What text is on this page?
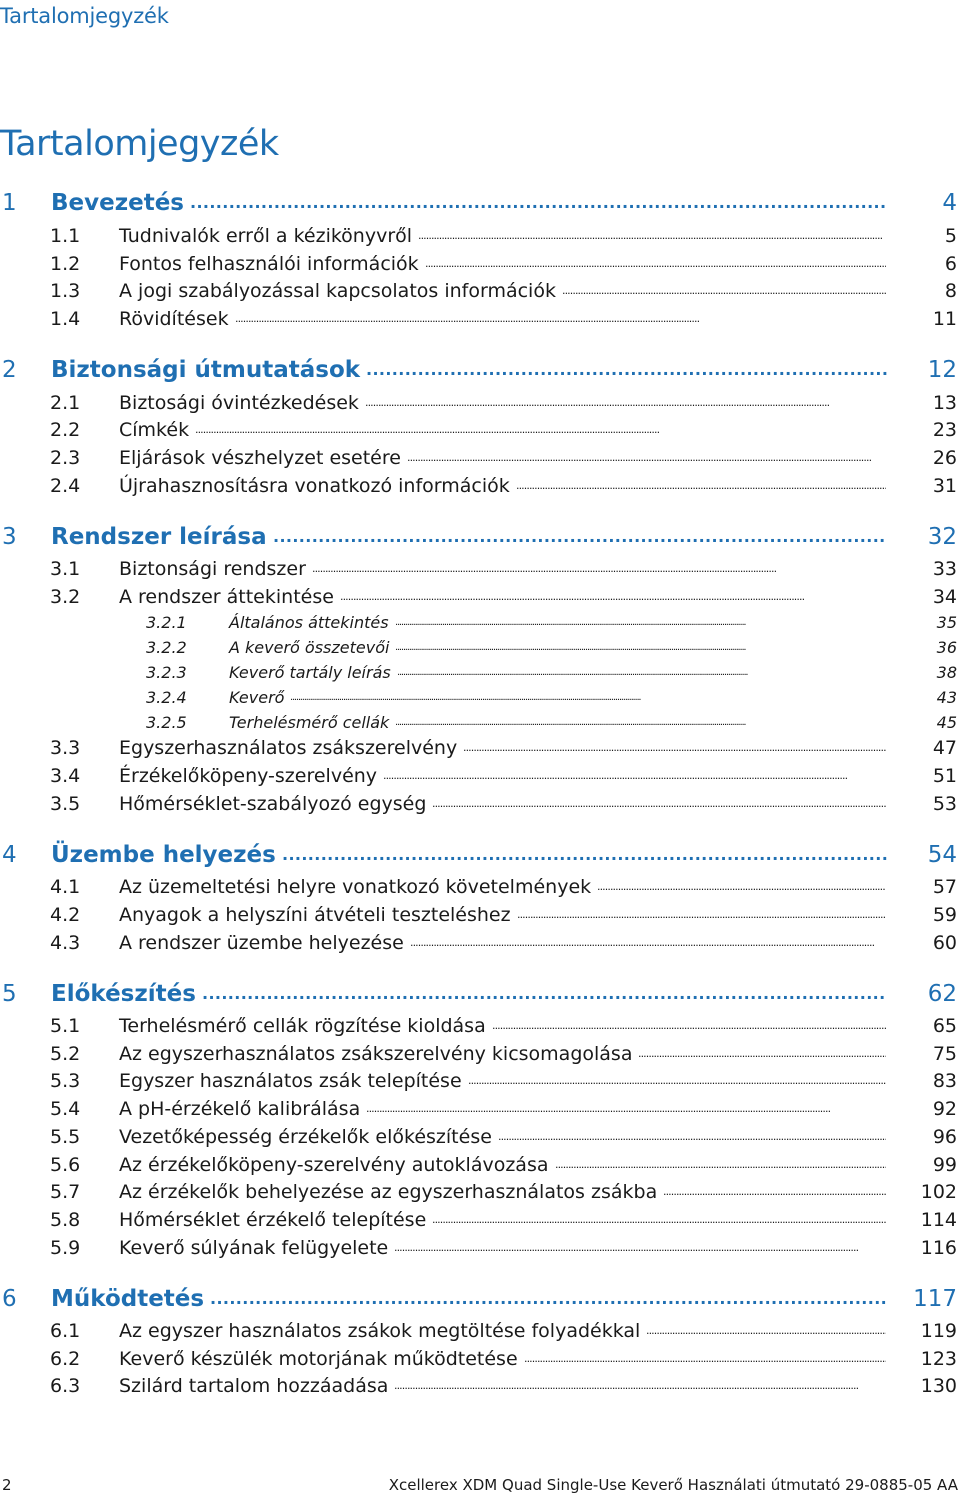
Tartalomjegyzék
Tartalomjegyzék
1 Bevezetés . . .	4
1.1 Tudnivalók erről a kézikönyvről . . .	5
1.2 Fontos felhasználói információk . . .	6
1.3 A jogi szabályozással kapcsolatos információk . . .	8
1.4 Rövidítések . . .	11
2 Biztonsági útmutatások . . .	12
2.1 Biztosági óvintézkedések . . .	13
2.2 Címkék . . .	23
2.3 Eljárások vészhelyzet esetére . . .	26
2.4 Újrahasznosításra vonatkozó információk . . .	31
3 Rendszer leírása . . .	32
3.1 Biztonsági rendszer . . .	33
3.2 A rendszer áttekintése . . .	34
3.2.1	Általános áttekintés . . .	35
3.2.2	A keverő összetevői . . .	36
3.2.3	Keverő tartály leírás . . .	38
3.2.4	Keverő . . .	43
3.2.5	Terhelésmérő cellák . . .	45
3.3 Egyszerhasználatos zsákszerelvény . . .	47
3.4 Érzékelőköpeny-szerelvény . . .	51
3.5 Hőmérséklet-szabályozó egység . . .	53
4 Üzembe helyezés . . .	54
4.1 Az üzemeltetési helyre vonatkozó követelmények . . .	57
4.2 Anyagok a helyszíni átvételi teszteléshez . . .	59
4.3 A rendszer üzembe helyezése . . .	60
5 Előkészítés . . .	62
5.1 Terhelésmérő cellák rögzítése kioldása . . .	65
5.2 Az egyszerhasználatos zsákszerelvény kicsomagolása . . .	75
5.3 Egyszer használatos zsák telepítése . . .	83
5.4 A pH-érzékelő kalibrálása . . .	92
5.5 Vezetőképesség érzékelők előkészítése . . .	96
5.6 Az érzékelőköpeny-szerelvény autoklávozása . . .	99
5.7 Az érzékelők behelyezése az egyszerhasználatos zsákba . . .	102
5.8 Hőmérséklet érzékelő telepítése . . .	114
5.9 Keverő súlyának felügyelete . . .	116
6 Működtetés . . .	117
6.1 Az egyszer használatos zsákok megtöltése folyadékkal . . .	119
6.2 Keverő készülék motorjának működtetése . . .	123
6.3 Szilárd tartalom hozzáadása . . .	130
2	Xcellerex XDM Quad Single-Use Keverő Használati útmutató 29-0885-05 AA
